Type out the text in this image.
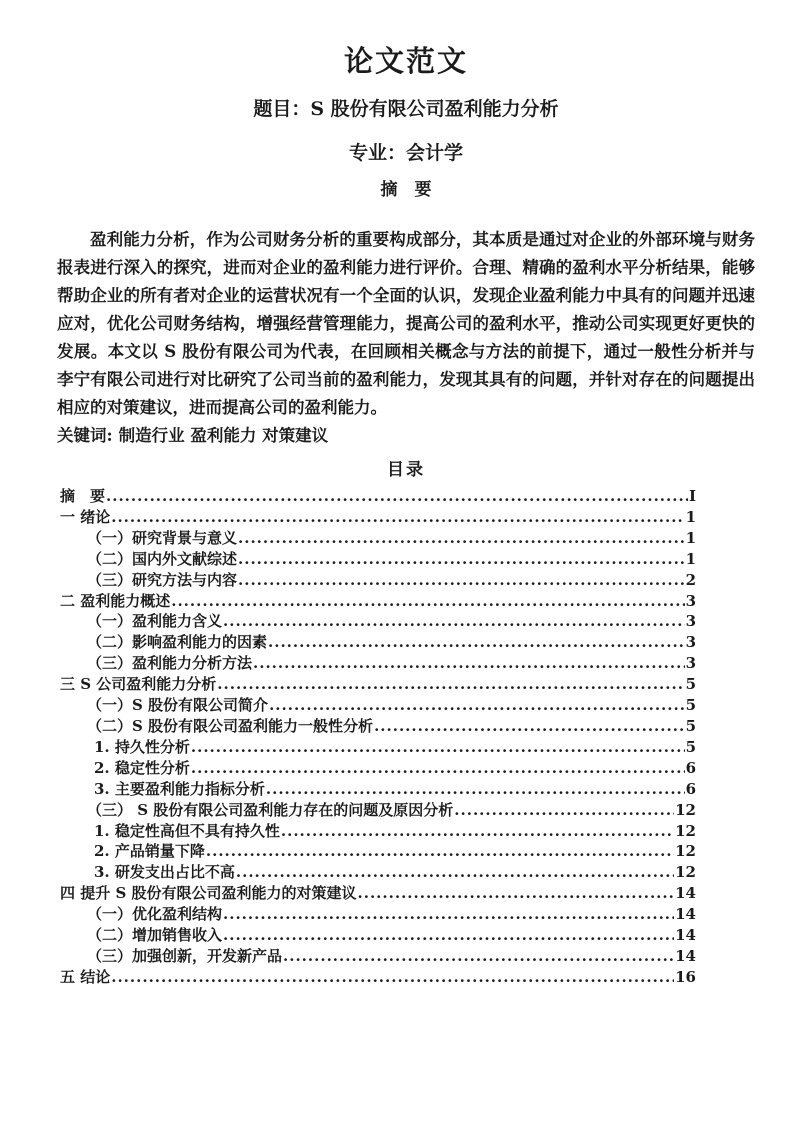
论文范文
题目：S 股份有限公司盈利能力分析
专业：会计学
摘　要

盈利能力分析，作为公司财务分析的重要构成部分，其本质是通过对企业的外部环境与财务报表进行深入的探究，进而对企业的盈利能力进行评价。合理、精确的盈利水平分析结果，能够帮助企业的所有者对企业的运营状况有一个全面的认识，发现企业盈利能力中具有的问题并迅速应对，优化公司财务结构，增强经营管理能力，提高公司的盈利水平，推动公司实现更好更快的发展。本文以 S 股份有限公司为代表，在回顾相关概念与方法的前提下，通过一般性分析并与李宁有限公司进行对比研究了公司当前的盈利能力，发现其具有的问题，并针对存在的问题提出相应的对策建议，进而提高公司的盈利能力。

关键词: 制造行业 盈利能力 对策建议

目录
摘　要 .....	I
一 绪论 .....	1
（一）研究背景与意义 .....	1
（二）国内外文献综述 .....	1
（三）研究方法与内容 .....	2
二 盈利能力概述 .....	3
（一）盈利能力含义 .....	3
（二）影响盈利能力的因素 .....	3
（三）盈利能力分析方法 .....	3
三 S 公司盈利能力分析 .....	5
（一）S 股份有限公司简介 .....	5
（二）S 股份有限公司盈利能力一般性分析 .....	5
1. 持久性分析 .....	5
2. 稳定性分析 .....	6
3. 主要盈利能力指标分析 .....	6
（三） S 股份有限公司盈利能力存在的问题及原因分析 .....	12
1. 稳定性高但不具有持久性 .....	12
2. 产品销量下降 .....	12
3. 研发支出占比不高 .....	12
四 提升 S 股份有限公司盈利能力的对策建议 .....	14
（一）优化盈利结构 .....	14
（二）增加销售收入 .....	14
（三）加强创新，开发新产品 .....	14
五 结论 .....	16
